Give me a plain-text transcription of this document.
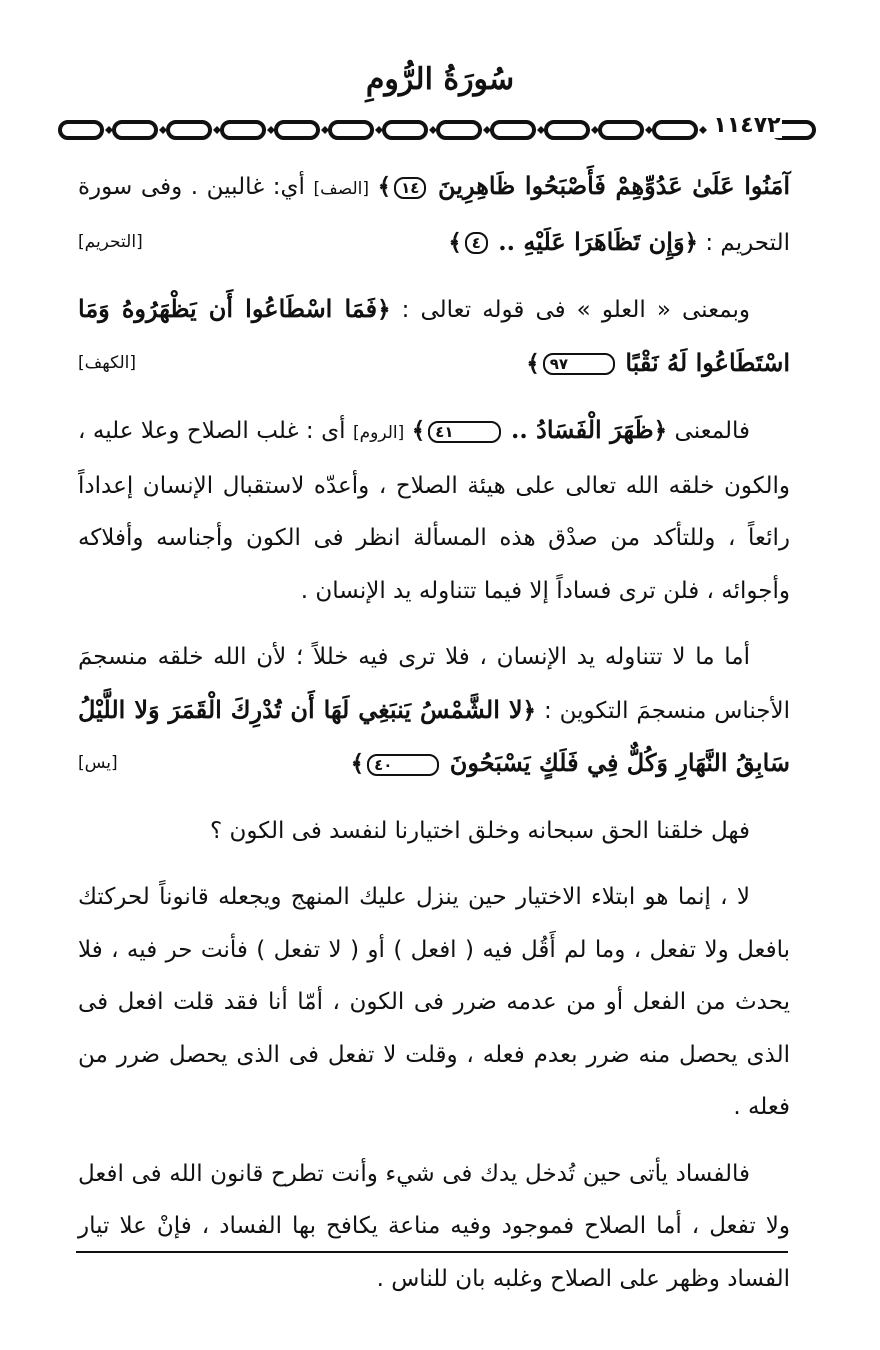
سُورَةُ الرُّومِ
١١٤٧٢

آمَنُوا عَلَىٰ عَدُوِّهِمْ فَأَصْبَحُوا ظَاهِرِينَ ١٤﴾ [الصف] أي: غالبين . وفى سورة التحريم : ﴿وَإِن تَظَاهَرَا عَلَيْهِ .. ٤﴾
[التحريم]

وبمعنى « العلو » فى قوله تعالى : ﴿فَمَا اسْطَاعُوا أَن يَظْهَرُوهُ وَمَا اسْتَطَاعُوا لَهُ نَقْبًا ٩٧﴾
[الكهف]

فالمعنى ﴿ظَهَرَ الْفَسَادُ .. ٤١﴾ [الروم] أى : غلب الصلاح وعلا عليه ، والكون خلقه الله تعالى على هيئة الصلاح ، وأعدّه لاستقبال الإنسان إعداداً رائعاً ، وللتأكد من صدْق هذه المسألة انظر فى الكون وأجناسه وأفلاكه وأجوائه ، فلن ترى فساداً إلا فيما تتناوله يد الإنسان .

أما ما لا تتناوله يد الإنسان ، فلا ترى فيه خللاً ؛ لأن الله خلقه منسجمَ الأجناس منسجمَ التكوين : ﴿لا الشَّمْسُ يَنبَغِي لَهَا أَن تُدْرِكَ الْقَمَرَ وَلا اللَّيْلُ سَابِقُ النَّهَارِ وَكُلٌّ فِي فَلَكٍ يَسْبَحُونَ ٤٠﴾
[يس]

فهل خلقنا الحق سبحانه وخلق اختيارنا لنفسد فى الكون ؟

لا ، إنما هو ابتلاء الاختيار حين ينزل عليك المنهج ويجعله قانوناً لحركتك بافعل ولا تفعل ، وما لم أَقُل فيه ( افعل ) أو ( لا تفعل ) فأنت حر فيه ، فلا يحدث من الفعل أو من عدمه ضرر فى الكون ، أمّا أنا فقد قلت افعل فى الذى يحصل منه ضرر بعدم فعله ، وقلت لا تفعل فى الذى يحصل ضرر من فعله .

فالفساد يأتى حين تُدخل يدك فى شيء وأنت تطرح قانون الله فى افعل ولا تفعل ، أما الصلاح فموجود وفيه مناعة يكافح بها الفساد ، فإنْ علا تيار الفساد وظهر على الصلاح وغلبه بان للناس .
